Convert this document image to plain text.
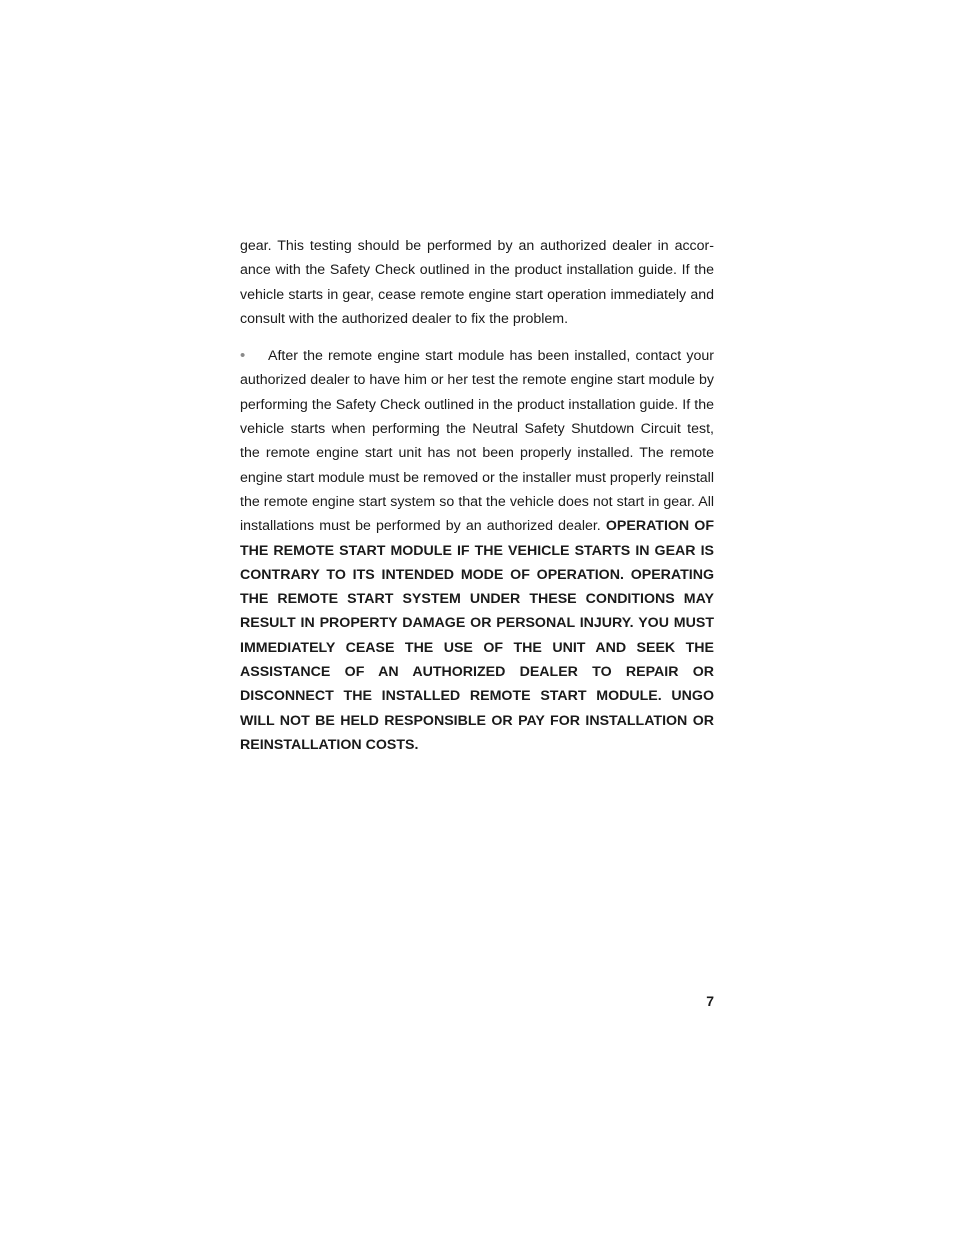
gear. This testing should be performed by an authorized dealer in accorance with the Safety Check outlined in the product installation guide. If the vehicle starts in gear, cease remote engine start operation immediately and consult with the authorized dealer to fix the problem.

• After the remote engine start module has been installed, contact your authorized dealer to have him or her test the remote engine start module by performing the Safety Check outlined in the product installation guide. If the vehicle starts when performing the Neutral Safety Shutdown Circuit test, the remote engine start unit has not been properly installed. The remote engine start module must be removed or the installer must properly reinstall the remote engine start system so that the vehicle does not start in gear. All installations must be performed by an authorized dealer. OPERATION OF THE REMOTE START MODULE IF THE VEHICLE STARTS IN GEAR IS CONTRARY TO ITS INTENDED MODE OF OPERATION. OPERATING THE REMOTE START SYSTEM UNDER THESE CONDITIONS MAY RESULT IN PROPERTY DAMAGE OR PERSONAL INJURY. YOU MUST IMMEDIATELY CEASE THE USE OF THE UNIT AND SEEK THE ASSISTANCE OF AN AUTHORIZED DEALER TO REPAIR OR DISCONNECT THE INSTALLED REMOTE START MODULE. UNGO WILL NOT BE HELD RESPONSIBLE OR PAY FOR INSTALLATION OR REINSTALLATION COSTS.

7
